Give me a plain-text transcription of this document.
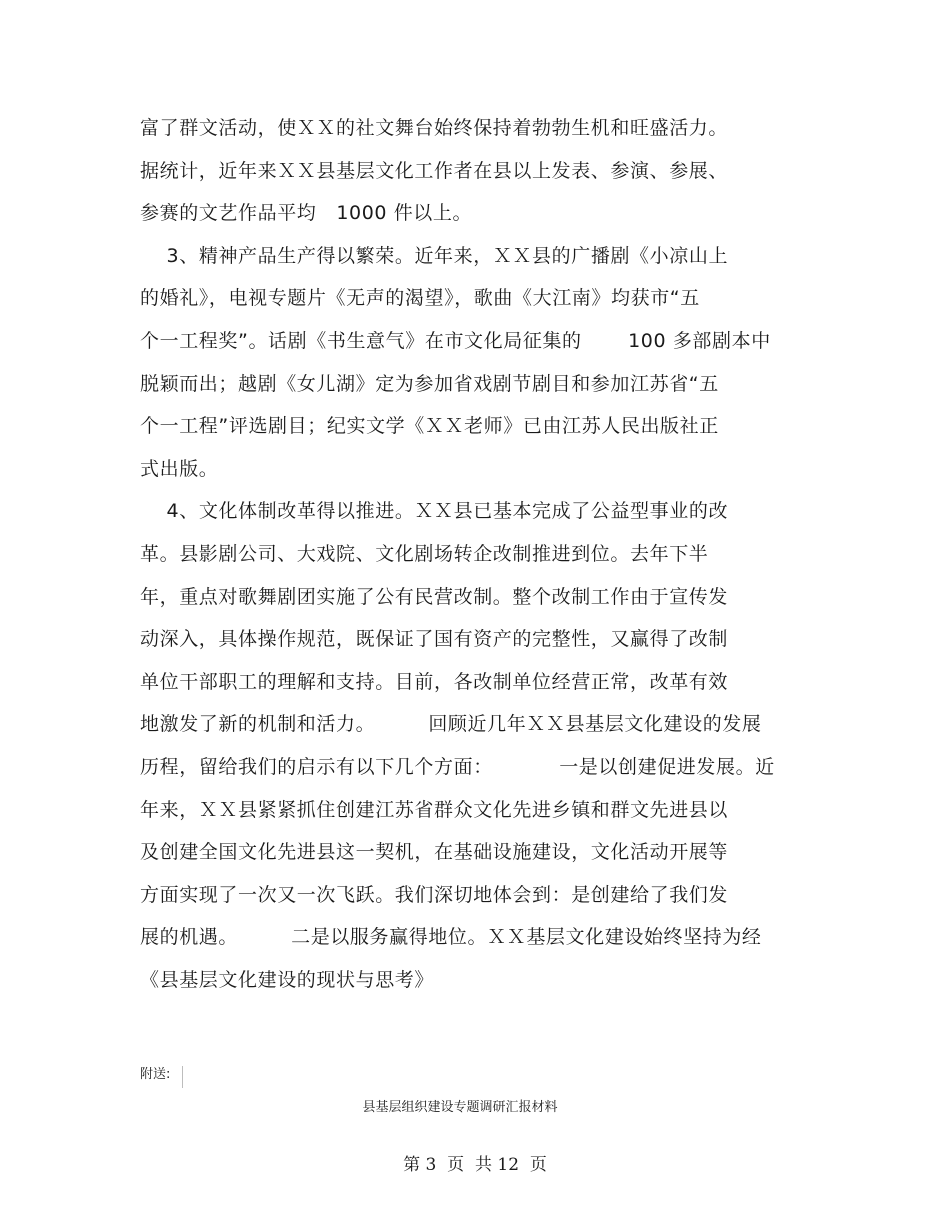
富了群文活动，使ＸＸ的社文舞台始终保持着勃勃生机和旺盛活力。
据统计，近年来ＸＸ县基层文化工作者在县以上发表、参演、参展、
参赛的文艺作品平均   1000 件以上。
3、精神产品生产得以繁荣。近年来，ＸＸ县的广播剧《小凉山上
的婚礼》，电视专题片《无声的渴望》，歌曲《大江南》均获市“五
个一工程奖”。话剧《书生意气》在市文化局征集的       100 多部剧本中
脱颖而出；越剧《女儿湖》定为参加省戏剧节剧目和参加江苏省“五
个一工程”评选剧目；纪实文学《ＸＸ老师》已由江苏人民出版社正
式出版。
4、文化体制改革得以推进。ＸＸ县已基本完成了公益型事业的改
革。县影剧公司、大戏院、文化剧场转企改制推进到位。去年下半
年，重点对歌舞剧团实施了公有民营改制。整个改制工作由于宣传发
动深入，具体操作规范，既保证了国有资产的完整性，又赢得了改制
单位干部职工的理解和支持。目前，各改制单位经营正常，改革有效
地激发了新的机制和活力。        回顾近几年ＸＸ县基层文化建设的发展
历程，留给我们的启示有以下几个方面：          一是以创建促进发展。近
年来，ＸＸ县紧紧抓住创建江苏省群众文化先进乡镇和群文先进县以
及创建全国文化先进县这一契机，在基础设施建设，文化活动开展等
方面实现了一次又一次飞跃。我们深切地体会到：是创建给了我们发
展的机遇。        二是以服务赢得地位。ＸＸ基层文化建设始终坚持为经
《县基层文化建设的现状与思考》
附送:
县基层组织建设专题调研汇报材料
第 3  页  共 12  页
